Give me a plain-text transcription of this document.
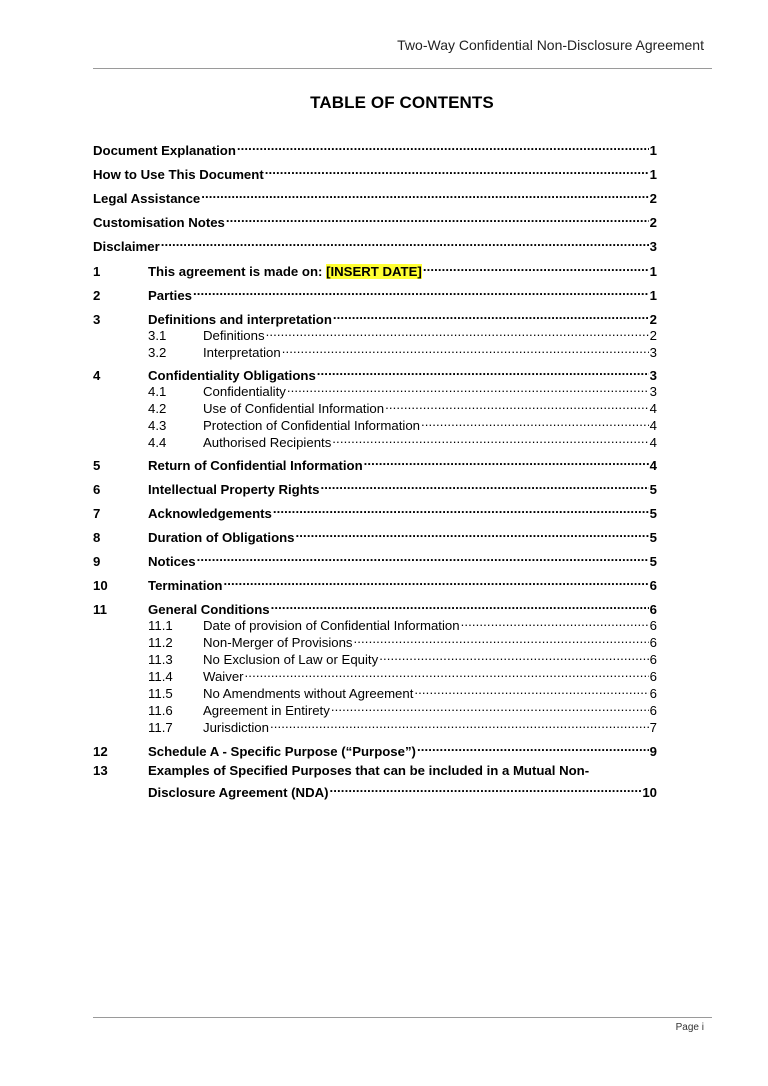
Two-Way Confidential Non-Disclosure Agreement
TABLE OF CONTENTS
Document Explanation .....	1
How to Use This Document .....	1
Legal Assistance .....	2
Customisation Notes .....	2
Disclaimer .....	3
1	This agreement is made on: [INSERT DATE] .....	1
2	Parties .....	1
3	Definitions and interpretation .....	2
3.1	Definitions .....	2
3.2	Interpretation .....	3
4	Confidentiality Obligations .....	3
4.1	Confidentiality .....	3
4.2	Use of Confidential Information .....	4
4.3	Protection of Confidential Information .....	4
4.4	Authorised Recipients .....	4
5	Return of Confidential Information .....	4
6	Intellectual Property Rights .....	5
7	Acknowledgements .....	5
8	Duration of Obligations .....	5
9	Notices .....	5
10	Termination .....	6
11	General Conditions .....	6
11.1	Date of provision of Confidential Information .....	6
11.2	Non-Merger of Provisions .....	6
11.3	No Exclusion of Law or Equity .....	6
11.4	Waiver .....	6
11.5	No Amendments without Agreement .....	6
11.6	Agreement in Entirety .....	6
11.7	Jurisdiction .....	7
12	Schedule A - Specific Purpose (“Purpose”) .....	9
13	Examples of Specified Purposes that can be included in a Mutual Non-
Disclosure Agreement (NDA) .....	10
Page i
